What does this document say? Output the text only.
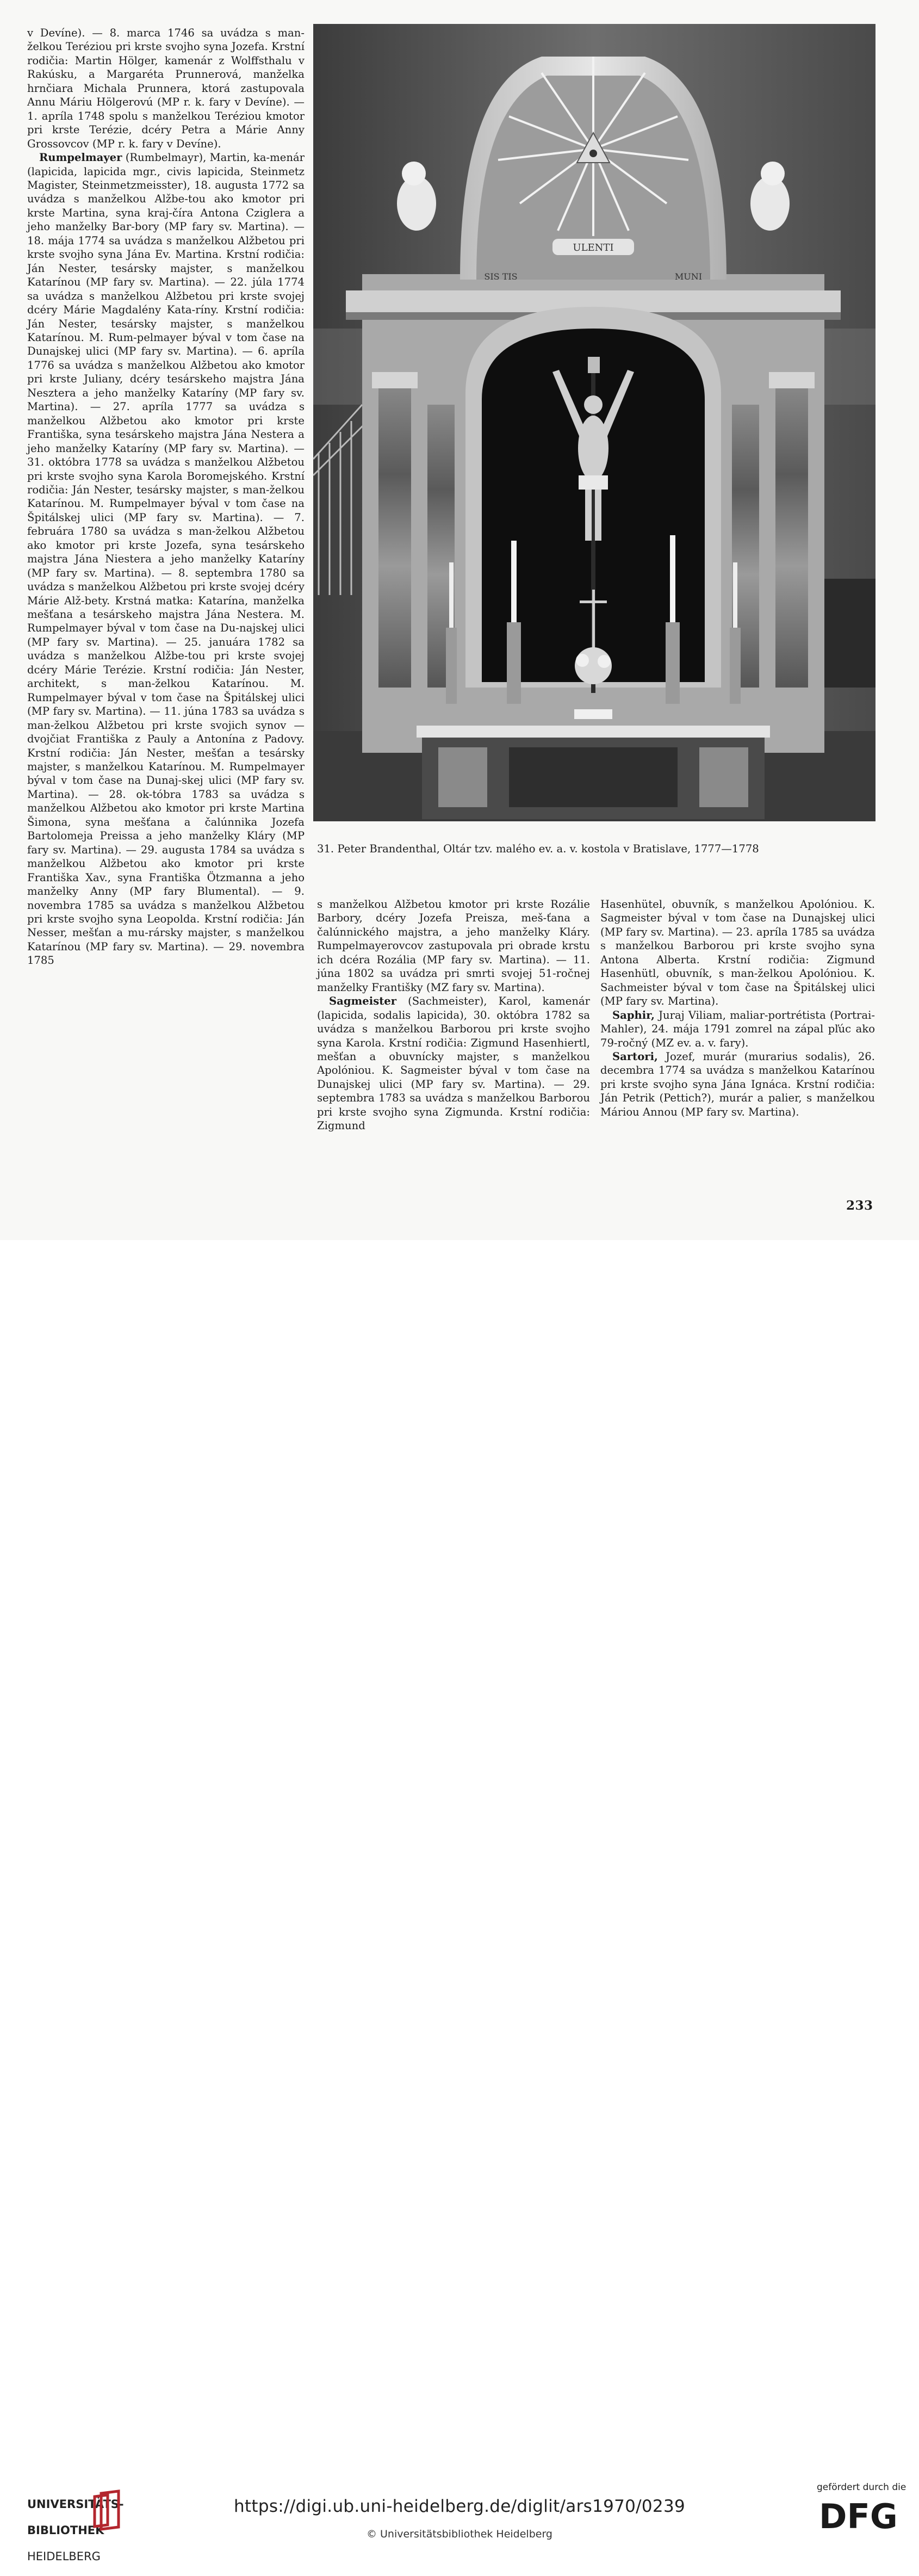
v Devíne). — 8. marca 1746 sa uvádza s man-želkou Teréziou pri krste svojho syna Jozefa. Krstní rodičia: Martin Hölger, kamenár z Wolffsthalu v Rakúsku, a Margaréta Prunnerová, manželka hrnčiara Michala Prunnera, ktorá zastupovala Annu Máriu Hölgerovú (MP r. k. fary v Devíne). — 1. apríla 1748 spolu s manželkou Teréziou kmotor pri krste Terézie, dcéry Petra a Márie Anny Grossovcov (MP r. k. fary v Devíne).

Rumpelmayer (Rumbelmayr), Martin, ka-menár (lapicida, lapicida mgr., civis lapicida, Steinmetz Magister, Steinmetzmeisster), 18. augusta 1772 sa uvádza s manželkou Alžbe-tou ako kmotor pri krste Martina, syna kraj-číra Antona Cziglera a jeho manželky Bar-bory (MP fary sv. Martina). — 18. mája 1774 sa uvádza s manželkou Alžbetou pri krste svojho syna Jána Ev. Martina. Krstní rodičia: Ján Nester, tesársky majster, s manželkou Katarínou (MP fary sv. Martina). — 22. júla 1774 sa uvádza s manželkou Alžbetou pri krste svojej dcéry Márie Magdalény Kata-ríny. Krstní rodičia: Ján Nester, tesársky majster, s manželkou Katarínou. M. Rum-pelmayer býval v tom čase na Dunajskej ulici (MP fary sv. Martina). — 6. apríla 1776 sa uvádza s manželkou Alžbetou ako kmotor pri krste Juliany, dcéry tesárskeho majstra Jána Nesztera a jeho manželky Kataríny (MP fary sv. Martina). — 27. apríla 1777 sa uvádza s manželkou Alžbetou ako kmotor pri krste Františka, syna tesárskeho majstra Jána Nestera a jeho manželky Kataríny (MP fary sv. Martina). — 31. októbra 1778 sa uvádza s manželkou Alžbetou pri krste svojho syna Karola Boromejského. Krstní rodičia: Ján Nester, tesársky majster, s man-želkou Katarínou. M. Rumpelmayer býval v tom čase na Špitálskej ulici (MP fary sv. Martina). — 7. februára 1780 sa uvádza s man-želkou Alžbetou ako kmotor pri krste Jozefa, syna tesárskeho majstra Jána Niestera a jeho manželky Kataríny (MP fary sv. Martina). — 8. septembra 1780 sa uvádza s manželkou Alžbetou pri krste svojej dcéry Márie Alž-bety. Krstná matka: Katarína, manželka mešťana a tesárskeho majstra Jána Nestera. M. Rumpelmayer býval v tom čase na Du-najskej ulici (MP fary sv. Martina). — 25. januára 1782 sa uvádza s manželkou Alžbe-tou pri krste svojej dcéry Márie Terézie. Krstní rodičia: Ján Nester, architekt, s man-želkou Katarínou. M. Rumpelmayer býval v tom čase na Špitálskej ulici (MP fary sv. Martina). — 11. júna 1783 sa uvádza s man-želkou Alžbetou pri krste svojich synov — dvojčiat Františka z Pauly a Antonína z Padovy. Krstní rodičia: Ján Nester, mešťan a tesársky majster, s manželkou Katarínou. M. Rumpelmayer býval v tom čase na Dunaj-skej ulici (MP fary sv. Martina). — 28. ok-tóbra 1783 sa uvádza s manželkou Alžbetou ako kmotor pri krste Martina Šimona, syna mešťana a čalúnnika Jozefa Bartolomeja Preissa a jeho manželky Kláry (MP fary sv. Martina). — 29. augusta 1784 sa uvádza s manželkou Alžbetou ako kmotor pri krste Františka Xav., syna Františka Ötzmanna a jeho manželky Anny (MP fary Blumental). — 9. novembra 1785 sa uvádza s manželkou Alžbetou pri krste svojho syna Leopolda. Krstní rodičia: Ján Nesser, mešťan a mu-rársky majster, s manželkou Katarínou (MP fary sv. Martina). — 29. novembra 1785

ULENTI
SIS TIS	MUNI
31. Peter Brandenthal, Oltár tzv. malého ev. a. v. kostola v Bratislave, 1777—1778

s manželkou Alžbetou kmotor pri krste Rozálie Barbory, dcéry Jozefa Preisza, meš-ťana a čalúnnického majstra, a jeho manželky Kláry. Rumpelmayerovcov zastupovala pri obrade krstu ich dcéra Rozália (MP fary sv. Martina). — 11. júna 1802 sa uvádza pri smrti svojej 51-ročnej manželky Františky (MZ fary sv. Martina).

Sagmeister (Sachmeister), Karol, kamenár (lapicida, sodalis lapicida), 30. októbra 1782 sa uvádza s manželkou Barborou pri krste svojho syna Karola. Krstní rodičia: Zigmund Hasenhiertl, mešťan a obuvnícky majster, s manželkou Apolóniou. K. Sagmeister býval v tom čase na Dunajskej ulici (MP fary sv. Martina). — 29. septembra 1783 sa uvádza s manželkou Barborou pri krste svojho syna Zigmunda. Krstní rodičia: Zigmund

Hasenhütel, obuvník, s manželkou Apolóniou. K. Sagmeister býval v tom čase na Dunajskej ulici (MP fary sv. Martina). — 23. apríla 1785 sa uvádza s manželkou Barborou pri krste svojho syna Antona Alberta. Krstní rodičia: Zigmund Hasenhütl, obuvník, s man-želkou Apolóniou. K. Sachmeister býval v tom čase na Špitálskej ulici (MP fary sv. Martina).

Saphir, Juraj Viliam, maliar-portrétista (Portrai-Mahler), 24. mája 1791 zomrel na zápal pľúc ako 79-ročný (MZ ev. a. v. fary).

Sartori, Jozef, murár (murarius sodalis), 26. decembra 1774 sa uvádza s manželkou Katarínou pri krste svojho syna Jána Ignáca. Krstní rodičia: Ján Petrik (Pettich?), murár a palier, s manželkou Máriou Annou (MP fary sv. Martina).

233

UNIVERSITÄTS-

BIBLIOTHEK

HEIDELBERG

https://digi.ub.uni-heidelberg.de/diglit/ars1970/0239
© Universitätsbibliothek Heidelberg
gefördert durch die
DFG
